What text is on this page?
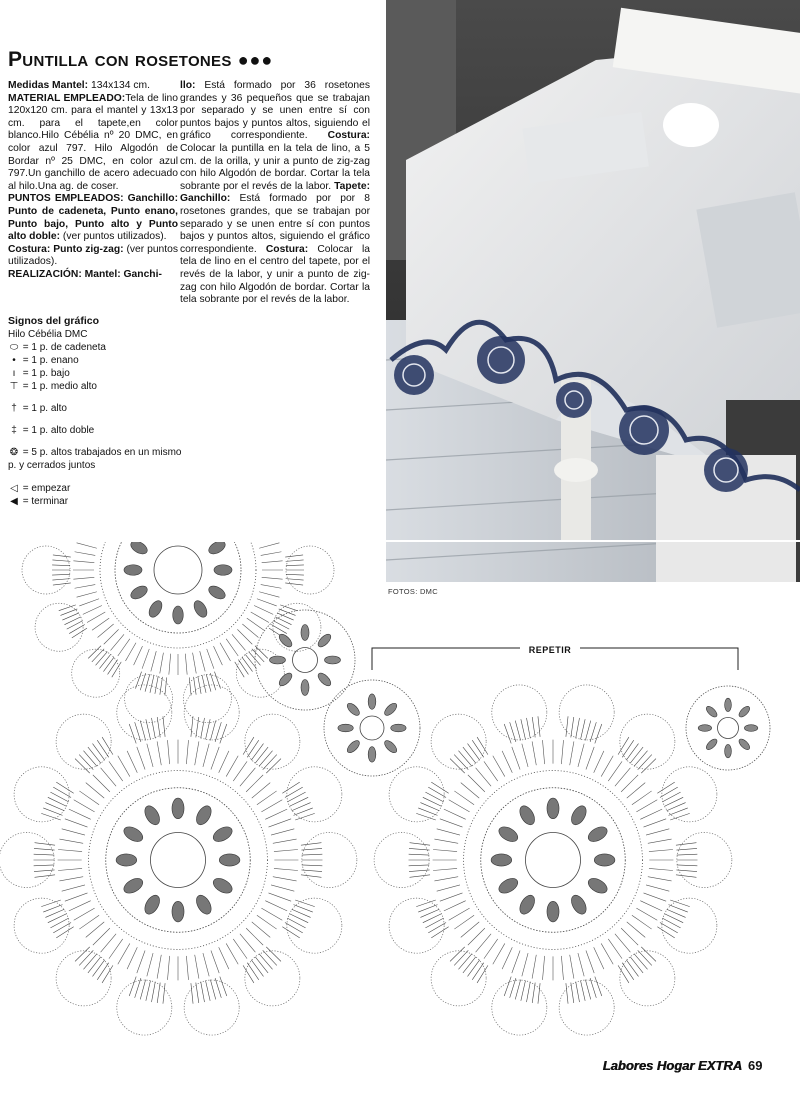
Puntilla con rosetones ●●●
Medidas Mantel: 134x134 cm.
MATERIAL EMPLEADO:Tela de lino 120x120 cm. para el mantel y 13x13 cm. para el tapete,en color blanco.Hilo Cébélia nº 20 DMC, en color azul 797. Hilo Algodón de Bordar nº 25 DMC, en color azul 797.Un ganchillo de acero adecuado al hilo.Una ag. de coser.
PUNTOS EMPLEADOS: Ganchillo: Punto de cadeneta, Punto enano, Punto bajo, Punto alto y Punto alto doble: (ver puntos utilizados).
Costura: Punto zig-zag: (ver puntos utilizados).
REALIZACIÓN: Mantel: Ganchi-

llo: Está formado por 36 rosetones grandes y 36 pequeños que se trabajan por separado y se unen entre sí con puntos bajos y puntos altos, siguiendo el gráfico correspondiente. Costura: Colocar la puntilla en la tela de lino, a 5 cm. de la orilla, y unir a punto de zig-zag con hilo Algodón de bordar. Cortar la tela sobrante por el revés de la labor. Tapete: Ganchillo: Está formado por por 8 rosetones grandes, que se trabajan por separado y se unen entre sí con puntos bajos y puntos altos, siguiendo el gráfico correspondiente. Costura: Colocar la tela de lino en el centro del tapete, por el revés de la labor, y unir a punto de zig-zag con hilo Algodón de bordar. Cortar la tela sobrante por el revés de la labor.
Signos del gráfico
Hilo Cébélia DMC
⬭ = 1 p. de cadeneta
• = 1 p. enano
ı = 1 p. bajo
⊤ = 1 p. medio alto
† = 1 p. alto
‡ = 1 p. alto doble
❂ = 5 p. altos trabajados en un mismo p. y cerrados juntos
◁ = empezar
◀ = terminar
FOTOS: DMC
REPETIR
Labores Hogar EXTRA 69
